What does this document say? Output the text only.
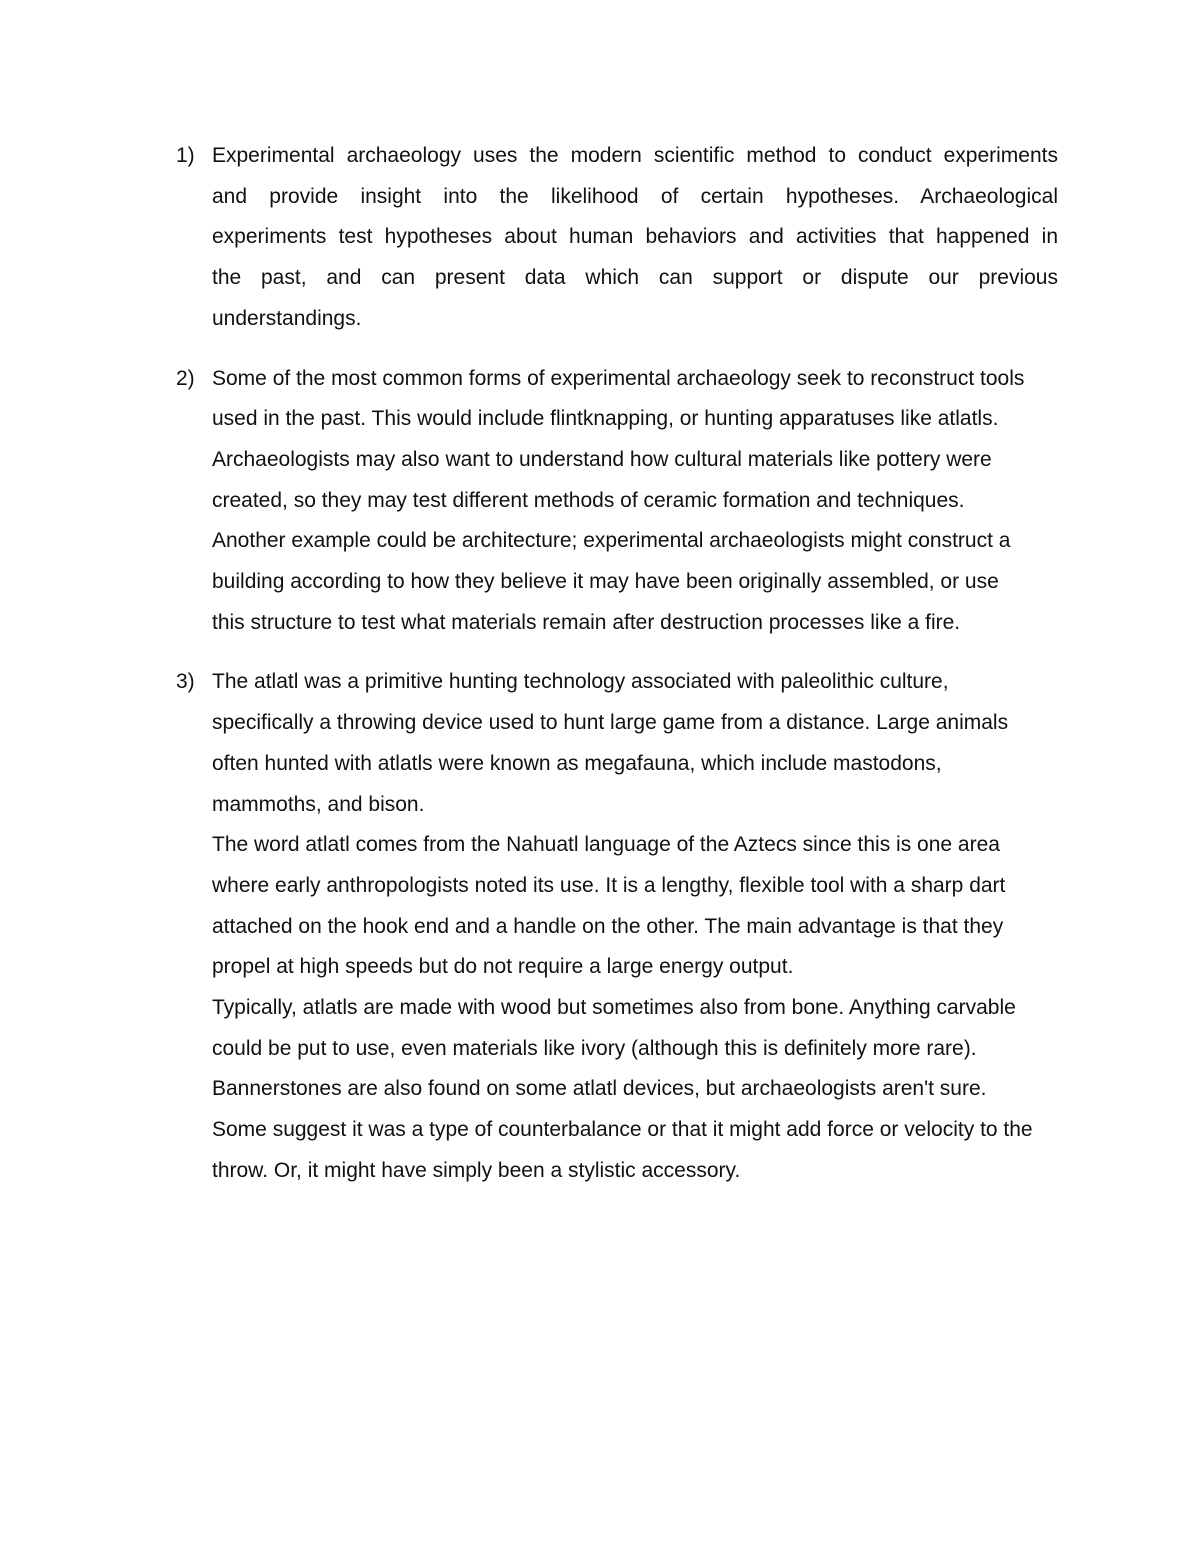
1) Experimental archaeology uses the modern scientific method to conduct experiments and provide insight into the likelihood of certain hypotheses. Archaeological experiments test hypotheses about human behaviors and activities that happened in the past, and can present data which can support or dispute our previous understandings.

2) Some of the most common forms of experimental archaeology seek to reconstruct tools used in the past. This would include flintknapping, or hunting apparatuses like atlatls. Archaeologists may also want to understand how cultural materials like pottery were created, so they may test different methods of ceramic formation and techniques. Another example could be architecture; experimental archaeologists might construct a building according to how they believe it may have been originally assembled, or use this structure to test what materials remain after destruction processes like a fire.

3) The atlatl was a primitive hunting technology associated with paleolithic culture, specifically a throwing device used to hunt large game from a distance. Large animals often hunted with atlatls were known as megafauna, which include mastodons, mammoths, and bison.

The word atlatl comes from the Nahuatl language of the Aztecs since this is one area where early anthropologists noted its use. It is a lengthy, flexible tool with a sharp dart attached on the hook end and a handle on the other. The main advantage is that they propel at high speeds but do not require a large energy output.

Typically, atlatls are made with wood but sometimes also from bone. Anything carvable could be put to use, even materials like ivory (although this is definitely more rare). Bannerstones are also found on some atlatl devices, but archaeologists aren't sure. Some suggest it was a type of counterbalance or that it might add force or velocity to the throw. Or, it might have simply been a stylistic accessory.
